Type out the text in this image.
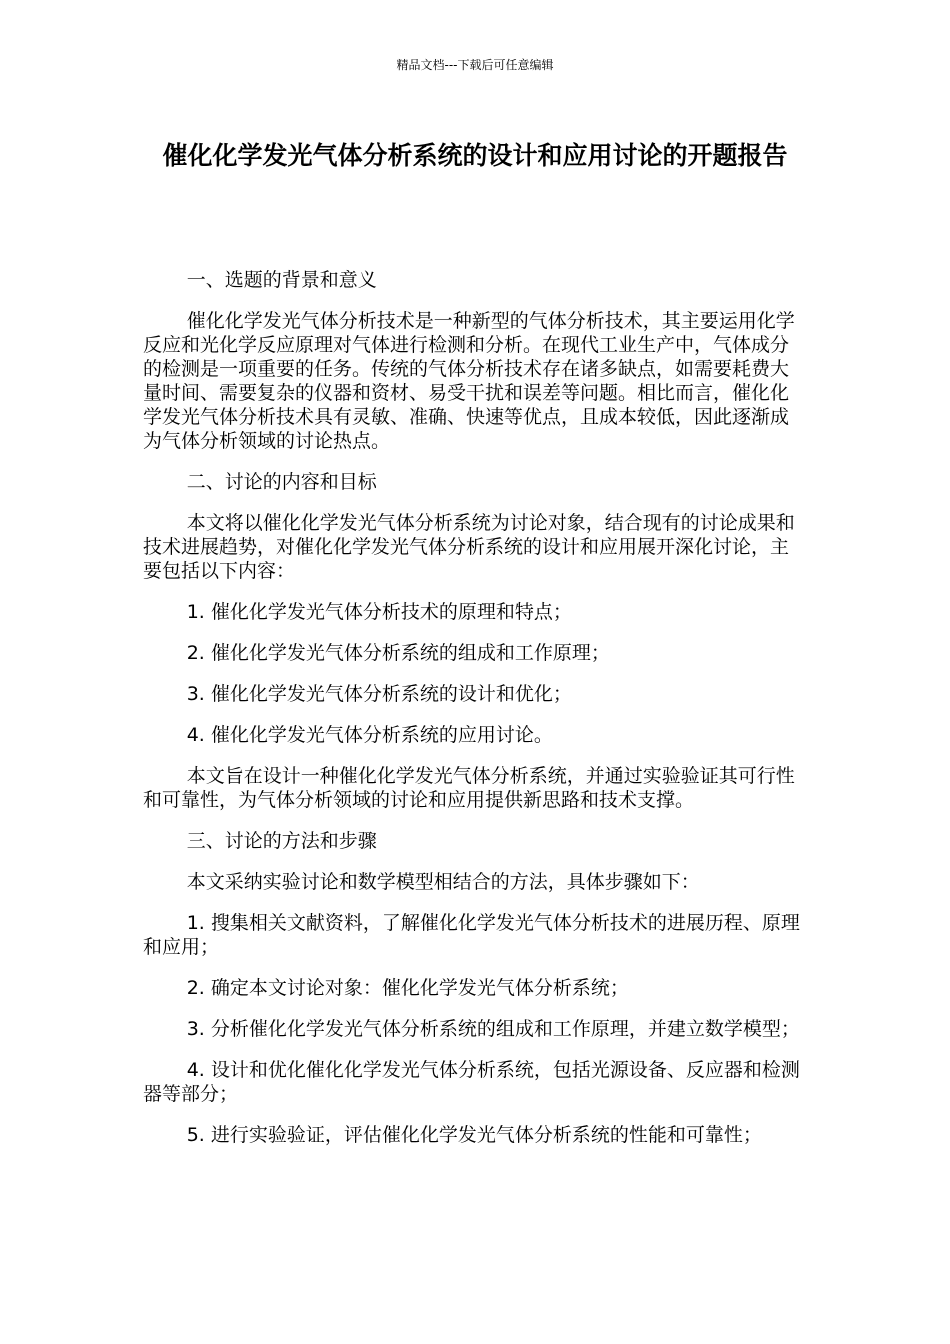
精品文档---下载后可任意编辑
催化化学发光气体分析系统的设计和应用讨论的开题报告

一、选题的背景和意义

催化化学发光气体分析技术是一种新型的气体分析技术，其主要运用化学反应和光化学反应原理对气体进行检测和分析。在现代工业生产中，气体成分的检测是一项重要的任务。传统的气体分析技术存在诸多缺点，如需要耗费大量时间、需要复杂的仪器和资材、易受干扰和误差等问题。相比而言，催化化学发光气体分析技术具有灵敏、准确、快速等优点，且成本较低，因此逐渐成为气体分析领域的讨论热点。

二、讨论的内容和目标

本文将以催化化学发光气体分析系统为讨论对象，结合现有的讨论成果和技术进展趋势，对催化化学发光气体分析系统的设计和应用展开深化讨论，主要包括以下内容：

1. 催化化学发光气体分析技术的原理和特点；

2. 催化化学发光气体分析系统的组成和工作原理；

3. 催化化学发光气体分析系统的设计和优化；

4. 催化化学发光气体分析系统的应用讨论。

本文旨在设计一种催化化学发光气体分析系统，并通过实验验证其可行性和可靠性，为气体分析领域的讨论和应用提供新思路和技术支撑。

三、讨论的方法和步骤

本文采纳实验讨论和数学模型相结合的方法，具体步骤如下：

1. 搜集相关文献资料，了解催化化学发光气体分析技术的进展历程、原理和应用；

2. 确定本文讨论对象：催化化学发光气体分析系统；

3. 分析催化化学发光气体分析系统的组成和工作原理，并建立数学模型；

4. 设计和优化催化化学发光气体分析系统，包括光源设备、反应器和检测器等部分；

5. 进行实验验证，评估催化化学发光气体分析系统的性能和可靠性；
